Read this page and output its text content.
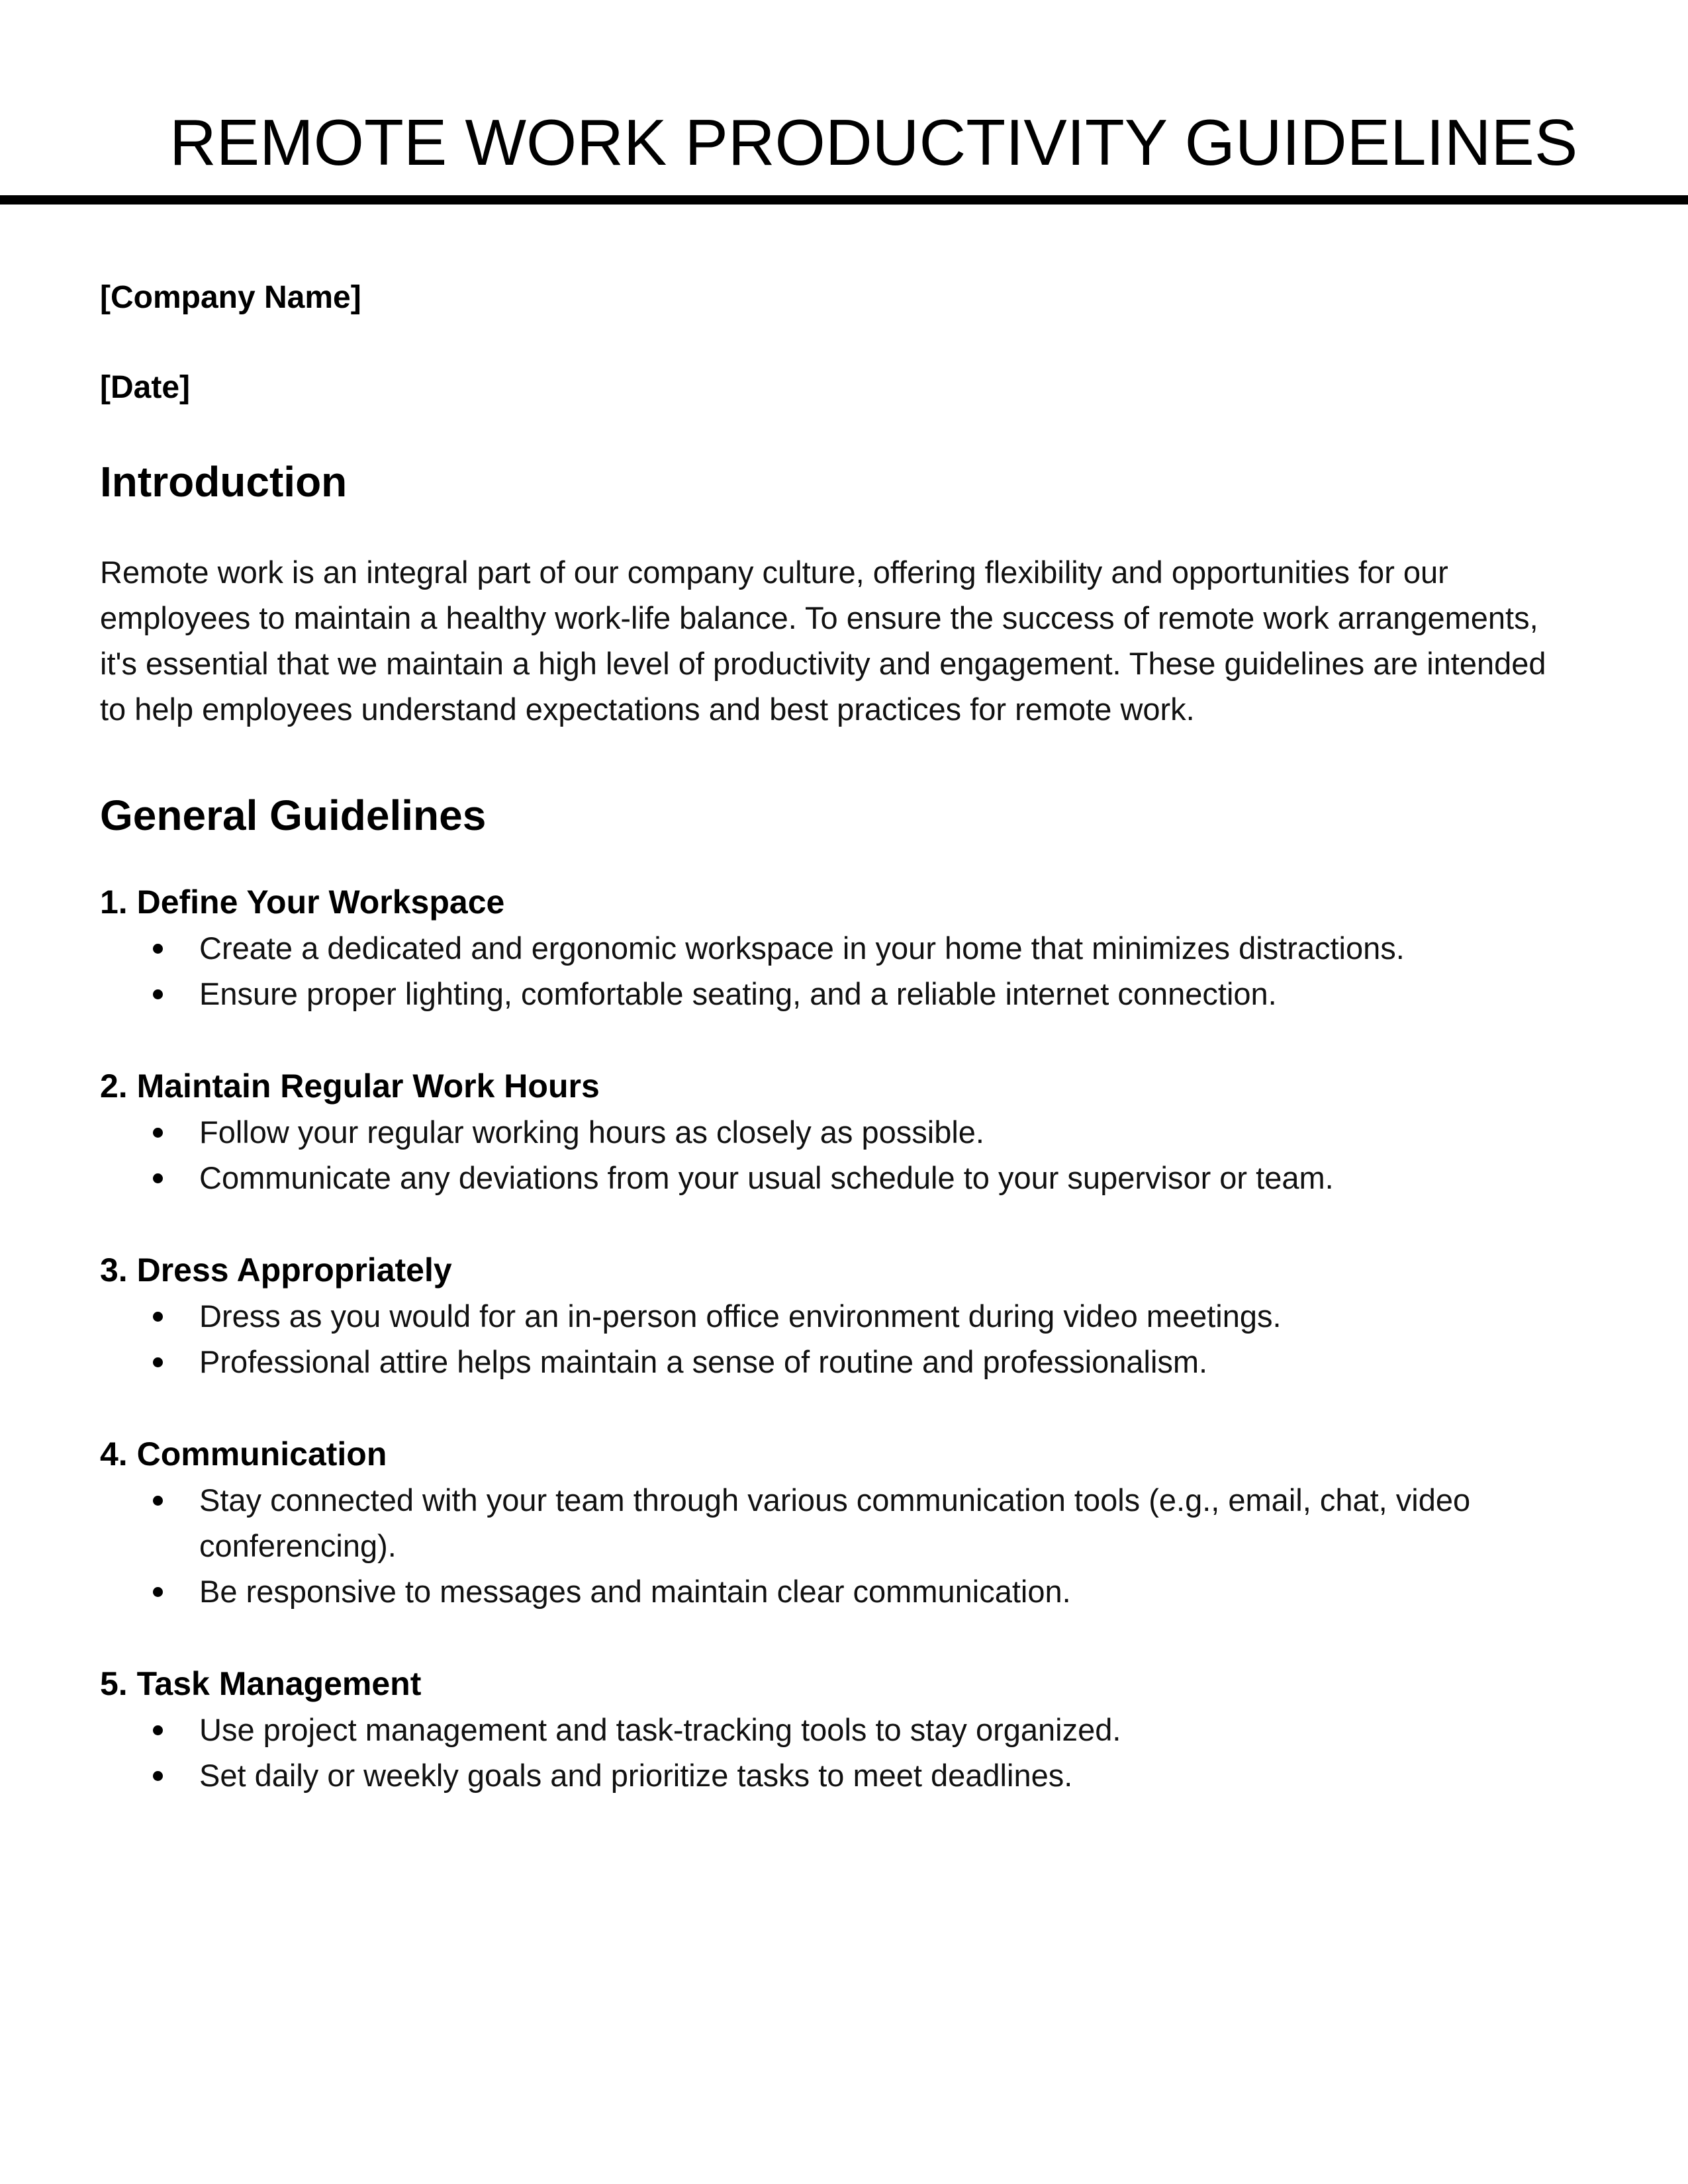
REMOTE WORK PRODUCTIVITY GUIDELINES

[Company Name]

[Date]

Introduction

Remote work is an integral part of our company culture, offering flexibility and opportunities for our employees to maintain a healthy work-life balance. To ensure the success of remote work arrangements, it's essential that we maintain a high level of productivity and engagement. These guidelines are intended to help employees understand expectations and best practices for remote work.

General Guidelines

1. Define Your Workspace

Create a dedicated and ergonomic workspace in your home that minimizes distractions.
Ensure proper lighting, comfortable seating, and a reliable internet connection.

2. Maintain Regular Work Hours

Follow your regular working hours as closely as possible.
Communicate any deviations from your usual schedule to your supervisor or team.

3. Dress Appropriately

Dress as you would for an in-person office environment during video meetings.
Professional attire helps maintain a sense of routine and professionalism.

4. Communication

Stay connected with your team through various communication tools (e.g., email, chat, video conferencing).
Be responsive to messages and maintain clear communication.

5. Task Management

Use project management and task-tracking tools to stay organized.
Set daily or weekly goals and prioritize tasks to meet deadlines.
